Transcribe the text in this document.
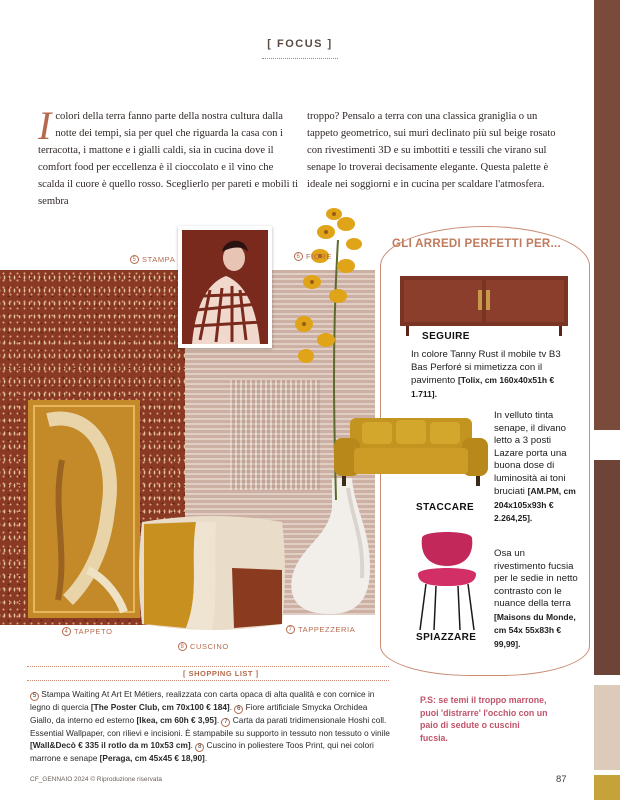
[ FOCUS ]
I colori della terra fanno parte della nostra cultura dalla notte dei tempi, sia per quel che riguarda la casa con i terracotta, i mattone e i gialli caldi, sia in cucina dove il comfort food per eccellenza è il cioccolato e il vino che scalda il cuore è quello rosso. Sceglierlo per pareti e mobili ti sembra
troppo? Pensalo a terra con una classica graniglia o un tappeto geometrico, sui muri declinato più sul beige rosato con rivestimenti 3D e su imbottiti e tessili che virano sul senape lo troverai decisamente elegante. Questa palette è ideale nei soggiorni e in cucina per scaldare l'atmosfera.
5 STAMPA	6 FIORE
4 TAPPETO
8 CUSCINO
7 TAPPEZZERIA
GLI ARREDI PERFETTI PER...
SEGUIRE
In colore Tanny Rust il mobile tv B3 Bas Perforé si mimetizza con il pavimento [Tolix, cm 160x40x51h € 1.711].
In velluto tinta senape, il divano letto a 3 posti Lazare porta una buona dose di luminosità ai toni bruciati [AM.PM, cm 204x105x93h € 2.264,25].
STACCARE
Osa un rivestimento fucsia per le sedie in netto contrasto con le nuance della terra [Maisons du Monde, cm 54x 55x83h € 99,99].
SPIAZZARE
[ SHOPPING LIST ]
5 Stampa Waiting At Art Et Métiers, realizzata con carta opaca di alta qualità e con cornice in legno di quercia [The Poster Club, cm 70x100 € 184]. 6 Fiore artificiale Smycka Orchidea Giallo, da interno ed esterno [Ikea, cm 60h € 3,95]. 7 Carta da parati tridimensionale Hoshi coll. Essential Wallpaper, con rilievi e incisioni. È stampabile su supporto in tessuto non tessuto o vinile [Wall&Decò € 335 il rotlo da m 10x53 cm]. 8 Cuscino in poliestere Toos Print, qui nei colori marrone e senape [Peraga, cm 45x45 € 18,90].
P.S: se temi il troppo marrone, puoi 'distrarre' l'occhio con un paio di sedute o cuscini fucsia.
CF_GENNAIO 2024 © Riproduzione riservata	87
